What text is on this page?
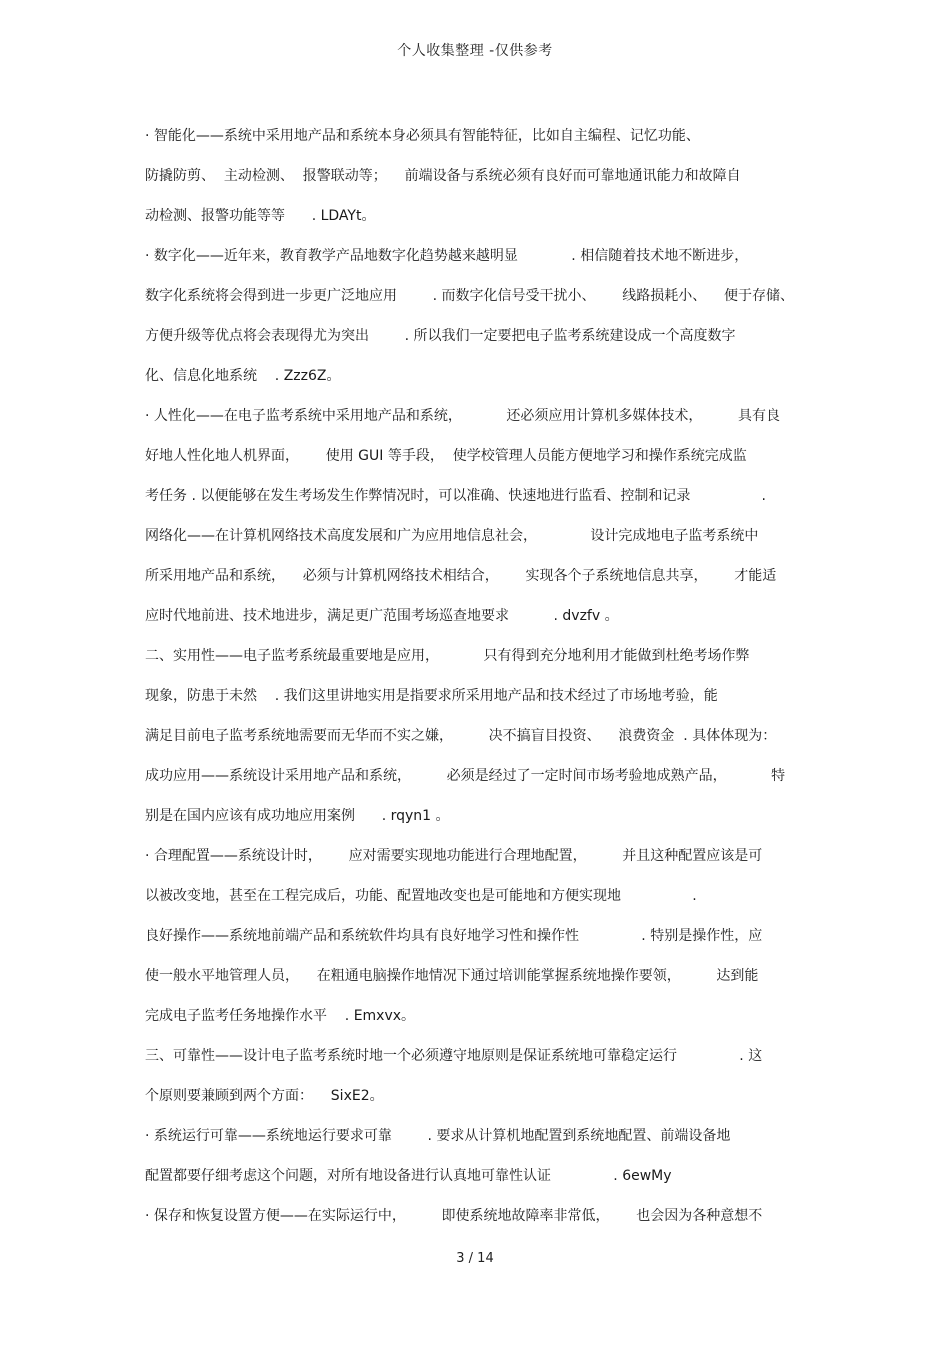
个人收集整理 -仅供参考
· 智能化——系统中采用地产品和系统本身必须具有智能特征，比如自主编程、记忆功能、
防撬防剪、  主动检测、  报警联动等；    前端设备与系统必须有良好而可靠地通讯能力和故障自
动检测、报警功能等等      . LDAYt。
· 数字化——近年来，教育教学产品地数字化趋势越来越明显            . 相信随着技术地不断进步，
数字化系统将会得到进一步更广泛地应用        . 而数字化信号受干扰小、      线路损耗小、    便于存储、
方便升级等优点将会表现得尤为突出        . 所以我们一定要把电子监考系统建设成一个高度数字
化、信息化地系统    . Zzz6Z。
· 人性化——在电子监考系统中采用地产品和系统，          还必须应用计算机多媒体技术，        具有良
好地人性化地人机界面，      使用 GUI 等手段，  使学校管理人员能方便地学习和操作系统完成监
考任务 . 以便能够在发生考场发生作弊情况时，可以准确、快速地进行监看、控制和记录                .
网络化——在计算机网络技术高度发展和广为应用地信息社会，            设计完成地电子监考系统中
所采用地产品和系统，    必须与计算机网络技术相结合，      实现各个子系统地信息共享，      才能适
应时代地前进、技术地进步，满足更广范围考场巡查地要求          . dvzfv 。
二、实用性——电子监考系统最重要地是应用，          只有得到充分地利用才能做到杜绝考场作弊
现象，防患于未然    . 我们这里讲地实用是指要求所采用地产品和技术经过了市场地考验，能
满足目前电子监考系统地需要而无华而不实之嫌，        决不搞盲目投资、    浪费资金  . 具体体现为：
成功应用——系统设计采用地产品和系统，        必须是经过了一定时间市场考验地成熟产品，          特
别是在国内应该有成功地应用案例      . rqyn1 。
· 合理配置——系统设计时，      应对需要实现地功能进行合理地配置，        并且这种配置应该是可
以被改变地，甚至在工程完成后，功能、配置地改变也是可能地和方便实现地                .
良好操作——系统地前端产品和系统软件均具有良好地学习性和操作性              . 特别是操作性，应
使一般水平地管理人员，    在粗通电脑操作地情况下通过培训能掌握系统地操作要领，        达到能
完成电子监考任务地操作水平    . Emxvx。
三、可靠性——设计电子监考系统时地一个必须遵守地原则是保证系统地可靠稳定运行              . 这
个原则要兼顾到两个方面：    SixE2。
· 系统运行可靠——系统地运行要求可靠        . 要求从计算机地配置到系统地配置、前端设备地
配置都要仔细考虑这个问题，对所有地设备进行认真地可靠性认证              . 6ewMy
· 保存和恢复设置方便——在实际运行中，        即使系统地故障率非常低，      也会因为各种意想不
3 / 14
